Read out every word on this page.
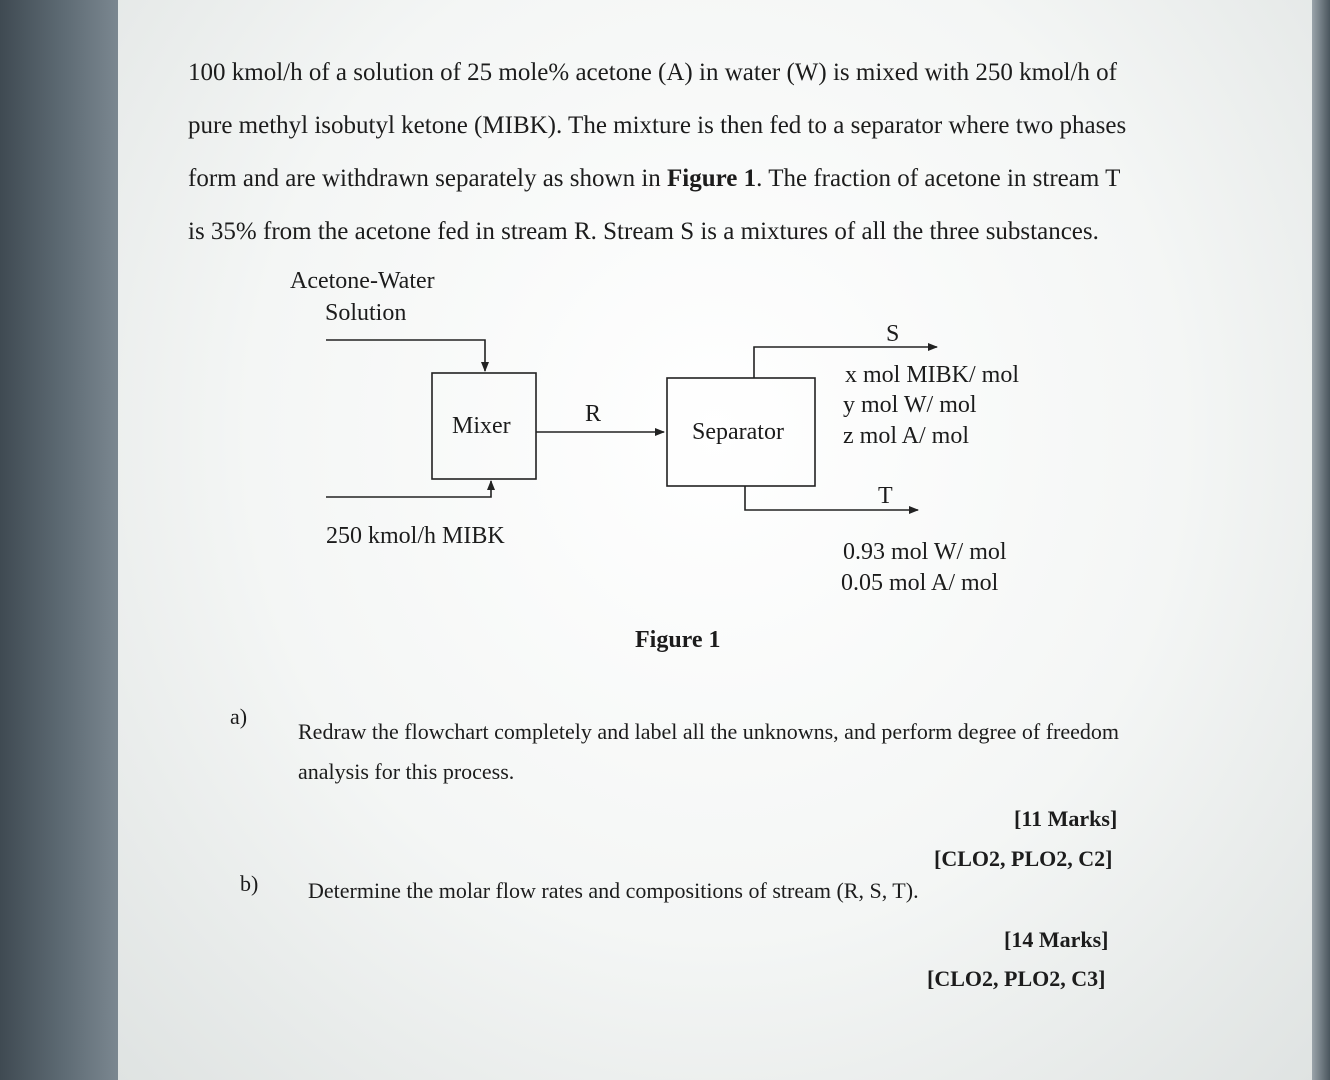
100 kmol/h of a solution of 25 mole% acetone (A) in water (W) is mixed with 250 kmol/h of
pure methyl isobutyl ketone (MIBK). The mixture is then fed to a separator where two phases
form and are withdrawn separately as shown in Figure 1. The fraction of acetone in stream T
is 35% from the acetone fed in stream R. Stream S is a mixtures of all the three substances.

Acetone-Water
Solution
Mixer	Separator
R
S
T
250 kmol/h MIBK
x mol MIBK/ mol
y mol W/ mol
z mol A/ mol
0.93 mol W/ mol
0.05 mol A/ mol
Figure 1
a)
Redraw the flowchart completely and label all the unknowns, and perform degree of freedom analysis for this process.
[11 Marks]
[CLO2, PLO2, C2]
b) Determine the molar flow rates and compositions of stream (R, S, T).
[14 Marks]
[CLO2, PLO2, C3]
